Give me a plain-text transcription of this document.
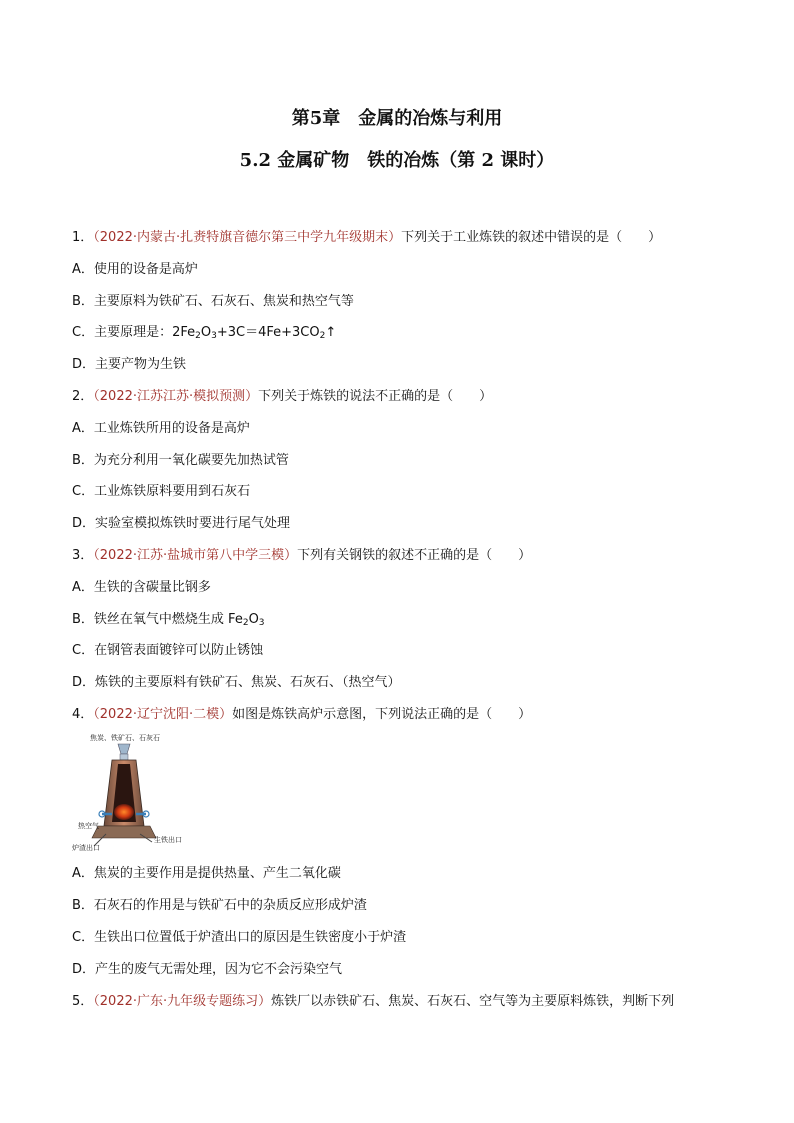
第5章　金属的冶炼与利用
5.2 金属矿物　铁的冶炼（第 2 课时）
1．（2022·内蒙古·扎赉特旗音德尔第三中学九年级期末）下列关于工业炼铁的叙述中错误的是（　　）
A．使用的设备是高炉
B．主要原料为铁矿石、石灰石、焦炭和热空气等
C．主要原理是：$2Fe_2O_3+3C=4Fe+3CO_2↑$
D．主要产物为生铁
2．（2022·江苏江苏·模拟预测）下列关于炼铁的说法不正确的是（　　）
A．工业炼铁所用的设备是高炉
B．为充分利用一氧化碳要先加热试管
C．工业炼铁原料要用到石灰石
D．实验室模拟炼铁时要进行尾气处理
3．（2022·江苏·盐城市第八中学三模）下列有关钢铁的叙述不正确的是（　　）
A．生铁的含碳量比钢多
B．铁丝在氧气中燃烧生成 $Fe_2O_3$
C．在钢管表面镀锌可以防止锈蚀
D．炼铁的主要原料有铁矿石、焦炭、石灰石、（热空气）
4．（2022·辽宁沈阳·二模）如图是炼铁高炉示意图，下列说法正确的是（　　）
焦炭、铁矿石、石灰石
热空气
生铁出口
炉渣出口
A．焦炭的主要作用是提供热量、产生二氧化碳
B．石灰石的作用是与铁矿石中的杂质反应形成炉渣
C．生铁出口位置低于炉渣出口的原因是生铁密度小于炉渣
D．产生的废气无需处理，因为它不会污染空气
5．（2022·广东·九年级专题练习）炼铁厂以赤铁矿石、焦炭、石灰石、空气等为主要原料炼铁，判断下列
